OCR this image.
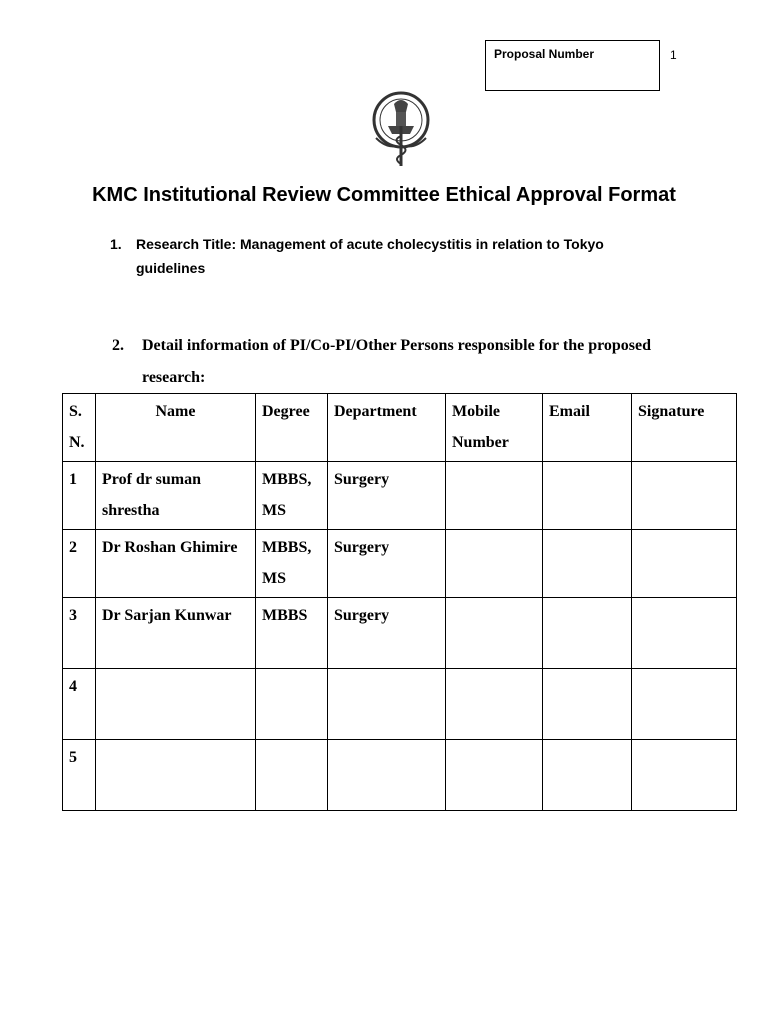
Proposal Number	1
KMC Institutional Review Committee Ethical Approval Format
1. Research Title: Management of acute cholecystitis in relation to Tokyo guidelines
2. Detail information of PI/Co-PI/Other Persons responsible for the proposed research:
S. N.	Name	Degree	Department	Mobile Number	Email	Signature
1	Prof dr suman shrestha	MBBS, MS	Surgery			
2	Dr Roshan Ghimire	MBBS, MS	Surgery			
3	Dr Sarjan Kunwar	MBBS	Surgery			
4						
5						
